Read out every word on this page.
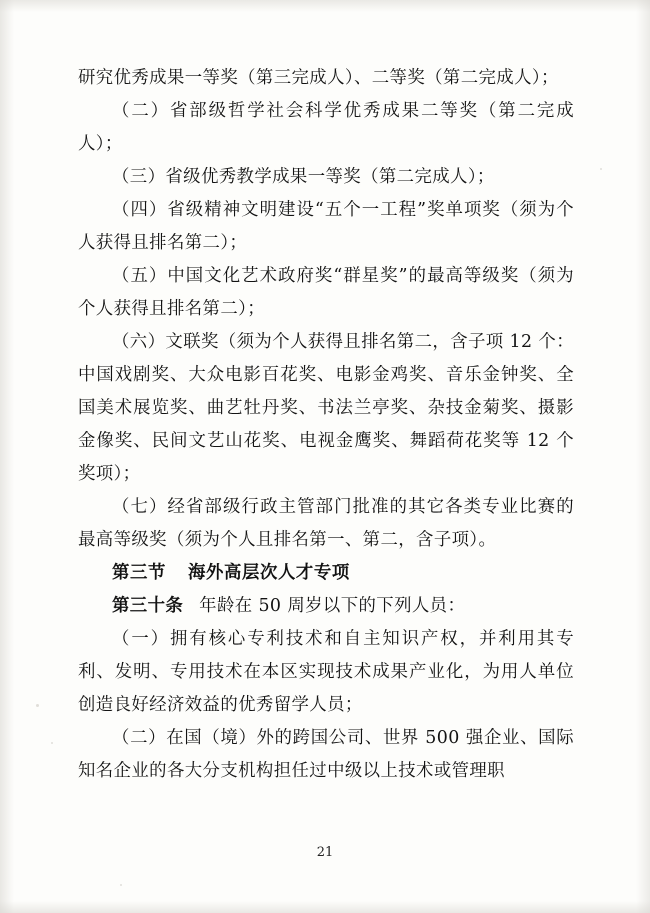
研究优秀成果一等奖（第三完成人）、二等奖（第二完成人）；

（二）省部级哲学社会科学优秀成果二等奖（第二完成人）；

（三）省级优秀教学成果一等奖（第二完成人）；

（四）省级精神文明建设“五个一工程”奖单项奖（须为个人获得且排名第二）；

（五）中国文化艺术政府奖“群星奖”的最高等级奖（须为个人获得且排名第二）；

（六）文联奖（须为个人获得且排名第二，含子项 12 个：中国戏剧奖、大众电影百花奖、电影金鸡奖、音乐金钟奖、全国美术展览奖、曲艺牡丹奖、书法兰亭奖、杂技金菊奖、摄影金像奖、民间文艺山花奖、电视金鹰奖、舞蹈荷花奖等 12 个奖项）；

（七）经省部级行政主管部门批准的其它各类专业比赛的最高等级奖（须为个人且排名第一、第二，含子项）。

第三节 海外高层次人才专项

第三十条 年龄在 50 周岁以下的下列人员：

（一）拥有核心专利技术和自主知识产权，并利用其专利、发明、专用技术在本区实现技术成果产业化，为用人单位创造良好经济效益的优秀留学人员；

（二）在国（境）外的跨国公司、世界 500 强企业、国际知名企业的各大分支机构担任过中级以上技术或管理职

21
